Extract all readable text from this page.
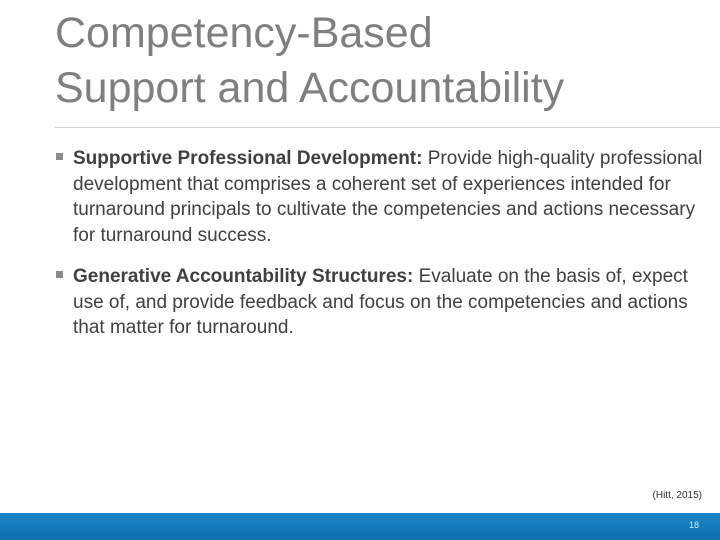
Competency-Based
Support and Accountability
Supportive Professional Development: Provide high-quality professional development that comprises a coherent set of experiences intended for turnaround principals to cultivate the competencies and actions necessary for turnaround success.
Generative Accountability Structures: Evaluate on the basis of, expect use of, and provide feedback and focus on the competencies and actions that matter for turnaround.
(Hitt, 2015)
18
